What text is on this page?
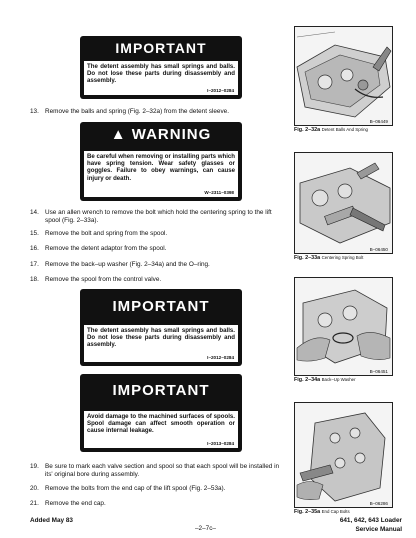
IMPORTANT
The detent assembly has small springs and balls. Do not lose these parts during disassembly and assembly.
I–2012–0284
13. Remove the balls and spring (Fig. 2–32a) from the detent sleeve.
▲ WARNING
Be careful when removing or installing parts which have spring tension. Wear safety glasses or goggles. Failure to obey warnings, can cause injury or death.
W–2311–0398
14. Use an allen wrench to remove the bolt which hold the centering spring to the lift spool (Fig. 2–33a).
15. Remove the bolt and spring from the spool.
16. Remove the detent adaptor from the spool.
17. Remove the back–up washer (Fig. 2–34a) and the O–ring.
18. Remove the spool from the control valve.
IMPORTANT
The detent assembly has small springs and balls. Do not lose these parts during disassembly and assembly.
I–2012–0284
IMPORTANT
Avoid damage to the machined surfaces of spools. Spool damage can affect smooth operation or cause internal leakage.
I–2013–0284
19. Be sure to mark each valve section and spool so that each spool will be installed in its' original bore during assembly.
20. Remove the bolts from the end cap of the lift spool (Fig. 2–53a).
21. Remove the end cap.
B–06449
Fig. 2–32a Detent Balls And Spring
B–06450
Fig. 2–33a Centering Spring Bolt
B–06451
Fig. 2–34a Back–Up Washer
B–06286
Fig. 2–35a End Cap Bolts
Added May 83
–2–7c–
641, 642, 643 Loader
Service Manual
